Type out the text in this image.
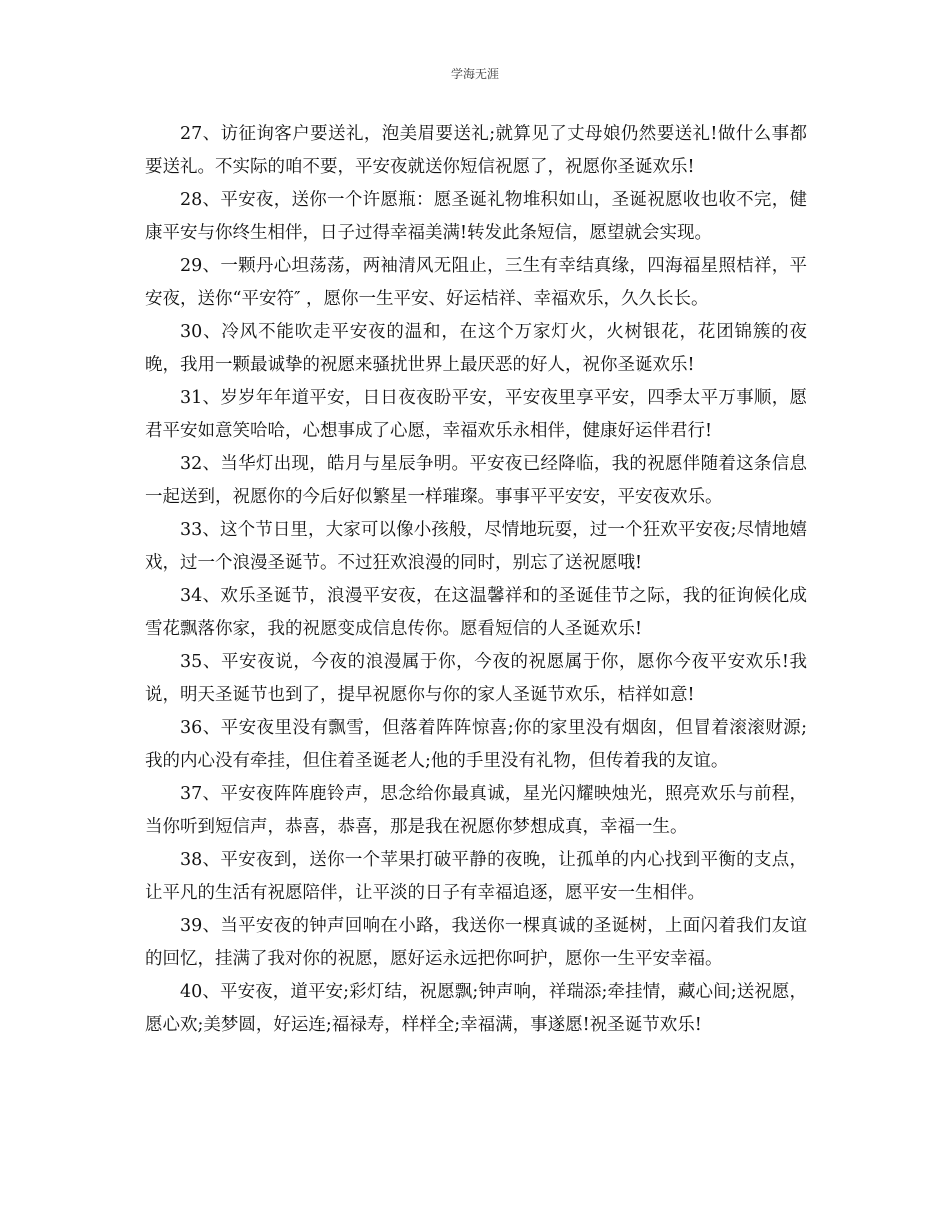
学海无涯

27、访征询客户要送礼，泡美眉要送礼;就算见了丈母娘仍然要送礼!做什么事都要送礼。不实际的咱不要，平安夜就送你短信祝愿了，祝愿你圣诞欢乐!

28、平安夜，送你一个许愿瓶：愿圣诞礼物堆积如山，圣诞祝愿收也收不完，健康平安与你终生相伴，日子过得幸福美满!转发此条短信，愿望就会实现。

29、一颗丹心坦荡荡，两袖清风无阻止，三生有幸结真缘，四海福星照桔祥，平安夜，送你“平安符″ ，愿你一生平安、好运桔祥、幸福欢乐，久久长长。

30、冷风不能吹走平安夜的温和，在这个万家灯火，火树银花，花团锦簇的夜晚，我用一颗最诚挚的祝愿来骚扰世界上最厌恶的好人，祝你圣诞欢乐!

31、岁岁年年道平安，日日夜夜盼平安，平安夜里享平安，四季太平万事顺，愿君平安如意笑哈哈，心想事成了心愿，幸福欢乐永相伴，健康好运伴君行!

32、当华灯出现，皓月与星辰争明。平安夜已经降临，我的祝愿伴随着这条信息一起送到，祝愿你的今后好似繁星一样璀璨。事事平平安安，平安夜欢乐。

33、这个节日里，大家可以像小孩般，尽情地玩耍，过一个狂欢平安夜;尽情地嬉戏，过一个浪漫圣诞节。不过狂欢浪漫的同时，别忘了送祝愿哦!

34、欢乐圣诞节，浪漫平安夜，在这温馨祥和的圣诞佳节之际，我的征询候化成雪花飘落你家，我的祝愿变成信息传你。愿看短信的人圣诞欢乐!

35、平安夜说，今夜的浪漫属于你，今夜的祝愿属于你，愿你今夜平安欢乐!我说，明天圣诞节也到了，提早祝愿你与你的家人圣诞节欢乐，桔祥如意!

36、平安夜里没有飘雪，但落着阵阵惊喜;你的家里没有烟囱，但冒着滚滚财源;我的内心没有牵挂，但住着圣诞老人;他的手里没有礼物，但传着我的友谊。

37、平安夜阵阵鹿铃声，思念给你最真诚，星光闪耀映烛光，照亮欢乐与前程，当你听到短信声，恭喜，恭喜，那是我在祝愿你梦想成真，幸福一生。

38、平安夜到，送你一个苹果打破平静的夜晚，让孤单的内心找到平衡的支点，让平凡的生活有祝愿陪伴，让平淡的日子有幸福追逐，愿平安一生相伴。

39、当平安夜的钟声回响在小路，我送你一棵真诚的圣诞树，上面闪着我们友谊的回忆，挂满了我对你的祝愿，愿好运永远把你呵护，愿你一生平安幸福。

40、平安夜，道平安;彩灯结，祝愿飘;钟声响，祥瑞添;牵挂情，藏心间;送祝愿，愿心欢;美梦圆，好运连;福禄寿，样样全;幸福满，事遂愿!祝圣诞节欢乐!
